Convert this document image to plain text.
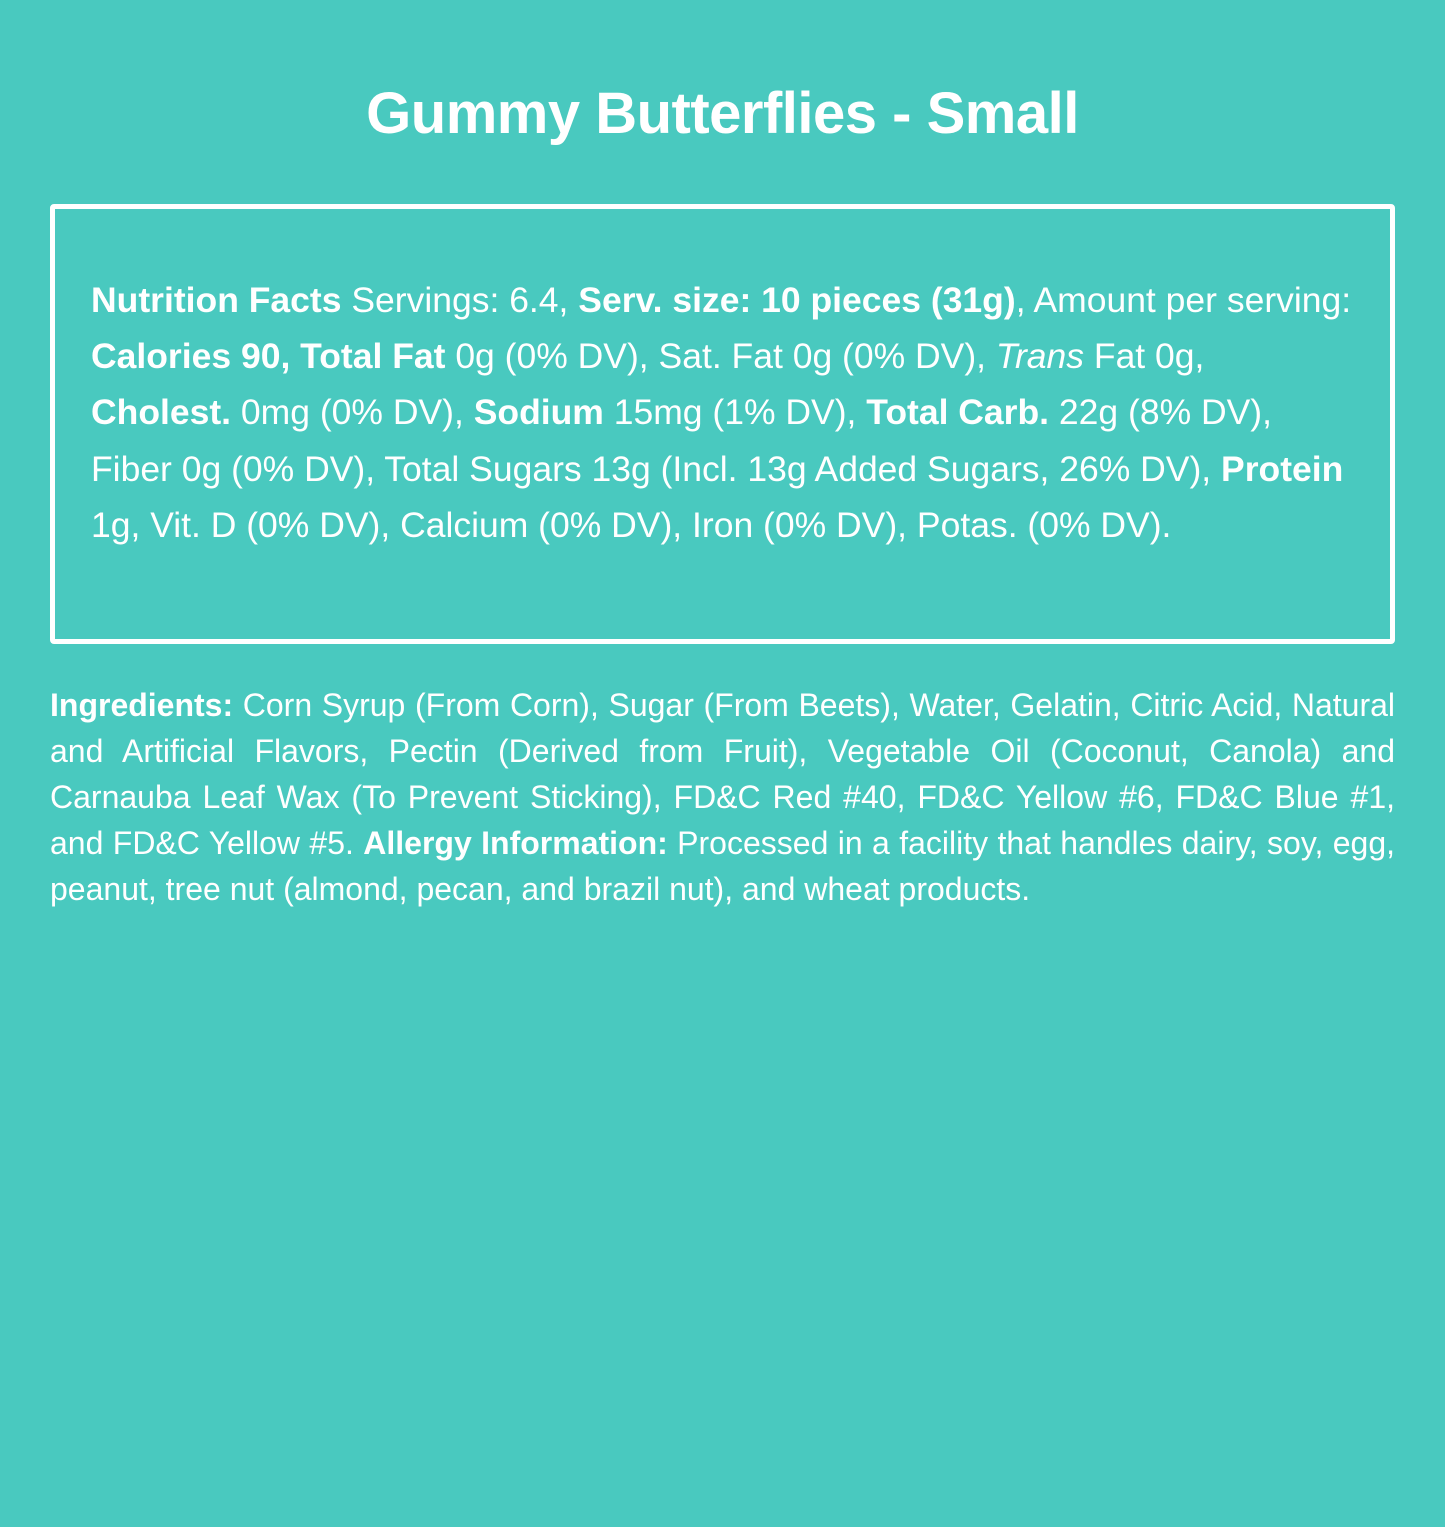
Gummy Butterflies - Small

Nutrition Facts Servings: 6.4, Serv. size: 10 pieces (31g), Amount per serving: Calories 90, Total Fat 0g (0% DV), Sat. Fat 0g (0% DV), Trans Fat 0g, Cholest. 0mg (0% DV), Sodium 15mg (1% DV), Total Carb. 22g (8% DV), Fiber 0g (0% DV), Total Sugars 13g (Incl. 13g Added Sugars, 26% DV), Protein 1g, Vit. D (0% DV), Calcium (0% DV), Iron (0% DV), Potas. (0% DV).

Ingredients: Corn Syrup (From Corn), Sugar (From Beets), Water, Gelatin, Citric Acid, Natural and Artificial Flavors, Pectin (Derived from Fruit), Vegetable Oil (Coconut, Canola) and Carnauba Leaf Wax (To Prevent Sticking), FD&C Red #40, FD&C Yellow #6, FD&C Blue #1, and FD&C Yellow #5. Allergy Information: Processed in a facility that handles dairy, soy, egg, peanut, tree nut (almond, pecan, and brazil nut), and wheat products.
